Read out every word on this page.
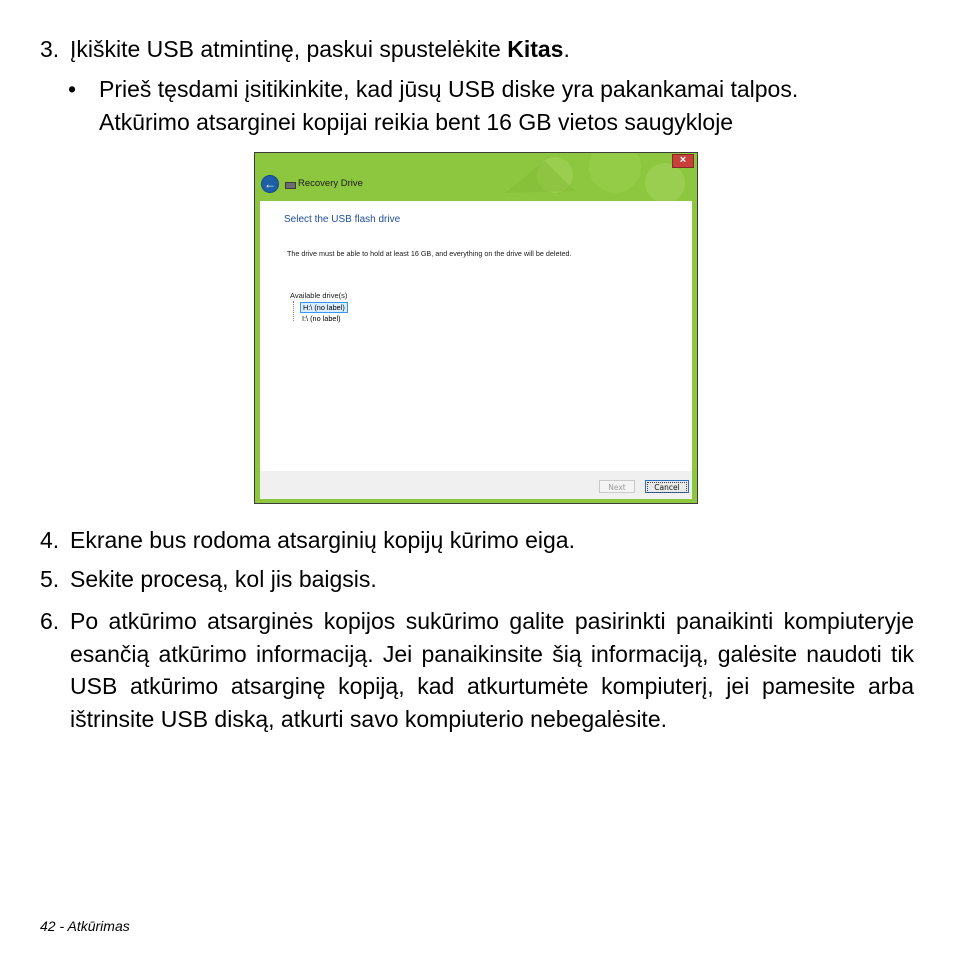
3. Įkiškite USB atmintinę, paskui spustelėkite Kitas.
• Prieš tęsdami įsitikinkite, kad jūsų USB diske yra pakankamai talpos.
Atkūrimo atsarginei kopijai reikia bent 16 GB vietos saugykloje
×
←	Recovery Drive
Select the USB flash drive
The drive must be able to hold at least 16 GB, and everything on the drive will be deleted.
Available drive(s)
H:\ (no label)
I:\ (no label)
Next	Cancel
4. Ekrane bus rodoma atsarginių kopijų kūrimo eiga.
5. Sekite procesą, kol jis baigsis.
6. Po atkūrimo atsarginės kopijos sukūrimo galite pasirinkti panaikinti kompiuteryje esančią atkūrimo informaciją. Jei panaikinsite šią informaciją, galėsite naudoti tik USB atkūrimo atsarginę kopiją, kad atkurtumėte kompiuterį, jei pamesite arba ištrinsite USB diską, atkurti savo kompiuterio nebegalėsite.
42 - Atkūrimas
